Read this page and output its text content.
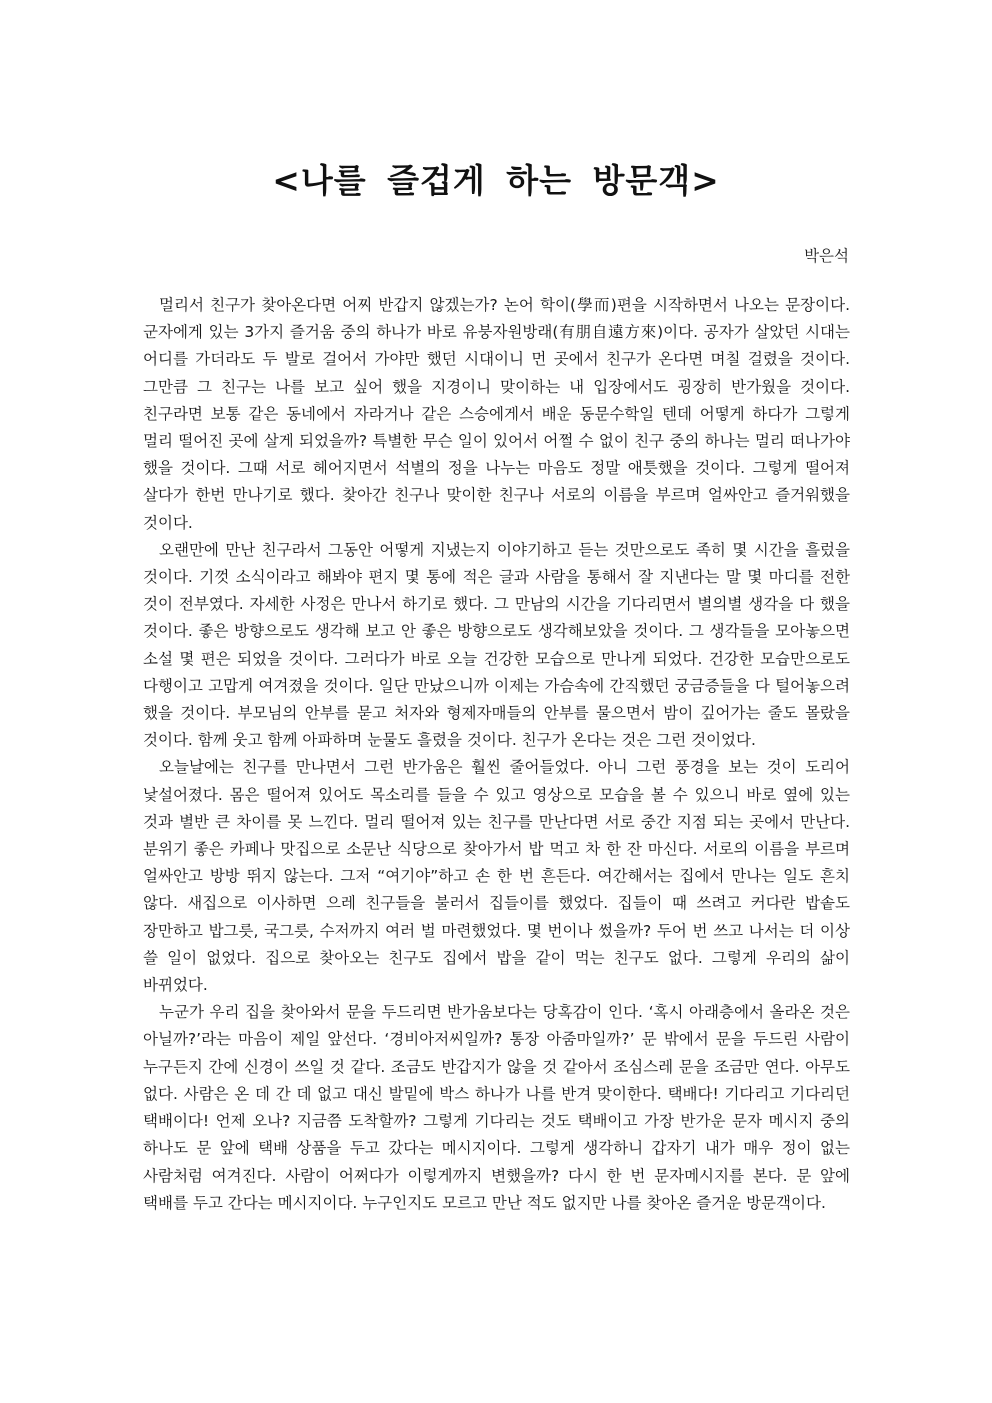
<나를 즐겁게 하는 방문객>
박은석

멀리서 친구가 찾아온다면 어찌 반갑지 않겠는가? 논어 학이(學而)편을 시작하면서 나오는 문장이다. 군자에게 있는 3가지 즐거움 중의 하나가 바로 유붕자원방래(有朋自遠方來)이다. 공자가 살았던 시대는 어디를 가더라도 두 발로 걸어서 가야만 했던 시대이니 먼 곳에서 친구가 온다면 며칠 걸렸을 것이다. 그만큼 그 친구는 나를 보고 싶어 했을 지경이니 맞이하는 내 입장에서도 굉장히 반가웠을 것이다. 친구라면 보통 같은 동네에서 자라거나 같은 스승에게서 배운 동문수학일 텐데 어떻게 하다가 그렇게 멀리 떨어진 곳에 살게 되었을까? 특별한 무슨 일이 있어서 어쩔 수 없이 친구 중의 하나는 멀리 떠나가야 했을 것이다. 그때 서로 헤어지면서 석별의 정을 나누는 마음도 정말 애틋했을 것이다. 그렇게 떨어져 살다가 한번 만나기로 했다. 찾아간 친구나 맞이한 친구나 서로의 이름을 부르며 얼싸안고 즐거워했을 것이다.

오랜만에 만난 친구라서 그동안 어떻게 지냈는지 이야기하고 듣는 것만으로도 족히 몇 시간을 흘렀을 것이다. 기껏 소식이라고 해봐야 편지 몇 통에 적은 글과 사람을 통해서 잘 지낸다는 말 몇 마디를 전한 것이 전부였다. 자세한 사정은 만나서 하기로 했다. 그 만남의 시간을 기다리면서 별의별 생각을 다 했을 것이다. 좋은 방향으로도 생각해 보고 안 좋은 방향으로도 생각해보았을 것이다. 그 생각들을 모아놓으면 소설 몇 편은 되었을 것이다. 그러다가 바로 오늘 건강한 모습으로 만나게 되었다. 건강한 모습만으로도 다행이고 고맙게 여겨졌을 것이다. 일단 만났으니까 이제는 가슴속에 간직했던 궁금증들을 다 털어놓으려 했을 것이다. 부모님의 안부를 묻고 처자와 형제자매들의 안부를 물으면서 밤이 깊어가는 줄도 몰랐을 것이다. 함께 웃고 함께 아파하며 눈물도 흘렸을 것이다. 친구가 온다는 것은 그런 것이었다.

오늘날에는 친구를 만나면서 그런 반가움은 훨씬 줄어들었다. 아니 그런 풍경을 보는 것이 도리어 낯설어졌다. 몸은 떨어져 있어도 목소리를 들을 수 있고 영상으로 모습을 볼 수 있으니 바로 옆에 있는 것과 별반 큰 차이를 못 느낀다. 멀리 떨어져 있는 친구를 만난다면 서로 중간 지점 되는 곳에서 만난다. 분위기 좋은 카페나 맛집으로 소문난 식당으로 찾아가서 밥 먹고 차 한 잔 마신다. 서로의 이름을 부르며 얼싸안고 방방 뛰지 않는다. 그저 “여기야”하고 손 한 번 흔든다. 여간해서는 집에서 만나는 일도 흔치 않다. 새집으로 이사하면 으레 친구들을 불러서 집들이를 했었다. 집들이 때 쓰려고 커다란 밥솥도 장만하고 밥그릇, 국그릇, 수저까지 여러 벌 마련했었다. 몇 번이나 썼을까? 두어 번 쓰고 나서는 더 이상 쓸 일이 없었다. 집으로 찾아오는 친구도 집에서 밥을 같이 먹는 친구도 없다. 그렇게 우리의 삶이 바뀌었다.

누군가 우리 집을 찾아와서 문을 두드리면 반가움보다는 당혹감이 인다. ‘혹시 아래층에서 올라온 것은 아닐까?’라는 마음이 제일 앞선다. ‘경비아저씨일까? 통장 아줌마일까?’ 문 밖에서 문을 두드린 사람이 누구든지 간에 신경이 쓰일 것 같다. 조금도 반갑지가 않을 것 같아서 조심스레 문을 조금만 연다. 아무도 없다. 사람은 온 데 간 데 없고 대신 발밑에 박스 하나가 나를 반겨 맞이한다. 택배다! 기다리고 기다리던 택배이다! 언제 오나? 지금쯤 도착할까? 그렇게 기다리는 것도 택배이고 가장 반가운 문자 메시지 중의 하나도 문 앞에 택배 상품을 두고 갔다는 메시지이다. 그렇게 생각하니 갑자기 내가 매우 정이 없는 사람처럼 여겨진다. 사람이 어쩌다가 이렇게까지 변했을까? 다시 한 번 문자메시지를 본다. 문 앞에 택배를 두고 간다는 메시지이다. 누구인지도 모르고 만난 적도 없지만 나를 찾아온 즐거운 방문객이다.
